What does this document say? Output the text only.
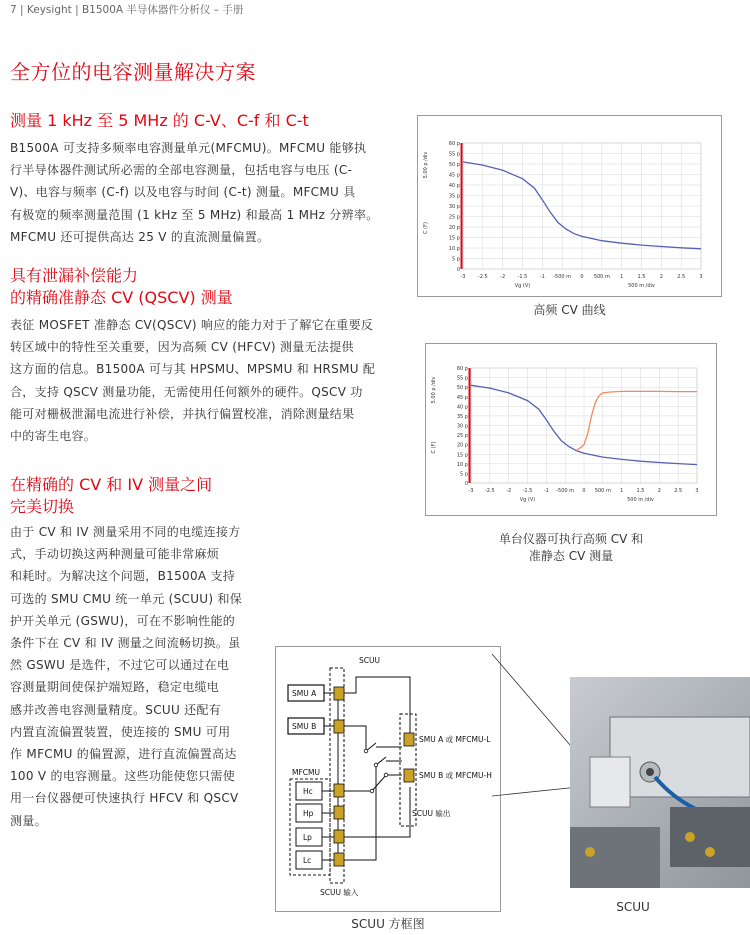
7 | Keysight | B1500A 半导体器件分析仪 – 手册
全方位的电容测量解决方案
测量 1 kHz 至 5 MHz 的 C-V、C-f 和 C-t
B1500A 可支持多频率电容测量单元(MFCMU)。MFCMU 能够执
行半导体器件测试所必需的全部电容测量，包括电容与电压 (C-
V)、电容与频率 (C-f) 以及电容与时间 (C-t) 测量。MFCMU 具
有极宽的频率测量范围 (1 kHz 至 5 MHz) 和最高 1 MHz 分辨率。
MFCMU 还可提供高达 25 V 的直流测量偏置。
具有泄漏补偿能力
的精确准静态 CV (QSCV) 测量
表征 MOSFET 准静态 CV(QSCV) 响应的能力对于了解它在重要反
转区域中的特性至关重要，因为高频 CV (HFCV) 测量无法提供
这方面的信息。B1500A 可与其 HPSMU、MPSMU 和 HRSMU 配
合，支持 QSCV 测量功能，无需使用任何额外的硬件。QSCV 功
能可对栅极泄漏电流进行补偿，并执行偏置校准，消除测量结果
中的寄生电容。
在精确的 CV 和 IV 测量之间
完美切换
由于 CV 和 IV 测量采用不同的电缆连接方
式，手动切换这两种测量可能非常麻烦
和耗时。为解决这个问题，B1500A 支持
可选的 SMU CMU 统一单元 (SCUU) 和保
护开关单元 (GSWU)，可在不影响性能的
条件下在 CV 和 IV 测量之间流畅切换。虽
然 GSWU 是选件，不过它可以通过在电
容测量期间使保护端短路，稳定电缆电
感并改善电容测量精度。SCUU 还配有
内置直流偏置装置，使连接的 SMU 可用
作 MFCMU 的偏置源，进行直流偏置高达
100 V 的电容测量。这些功能使您只需使
用一台仪器便可快速执行 HFCV 和 QSCV
测量。
-3 -2.5 -2 -1.5 -1 -500 m 0 500 m 1	1.5	2	2.5	3
60 p
55 p
50 p
45 p
40 p
35 p
30 p
25 p
20 p
15 p
10 p
5 p
0
5.00 p /div
C (F)
Vg (V)	500 m /div
高频 CV 曲线
-3 -2.5 -2 -1.5 -1 -500 m 0 500 m 1	1.5	2	2.5	3
60 p
55 p
50 p
45 p
40 p
35 p
30 p
25 p
20 p
15 p
10 p
5 p
0
5.00 p /div
C (F)
Vg (V)	500 m /div
单台仪器可执行高频 CV 和
准静态 CV 测量
SCUU
SMU A
SMU B
MFCMU
Hc
Hp
Lp
Lc
SMU A 或 MFCMU-L
SMU B 或 MFCMU-H
SCUU 输出
SCUU 输入
SCUU 方框图
SCUU
